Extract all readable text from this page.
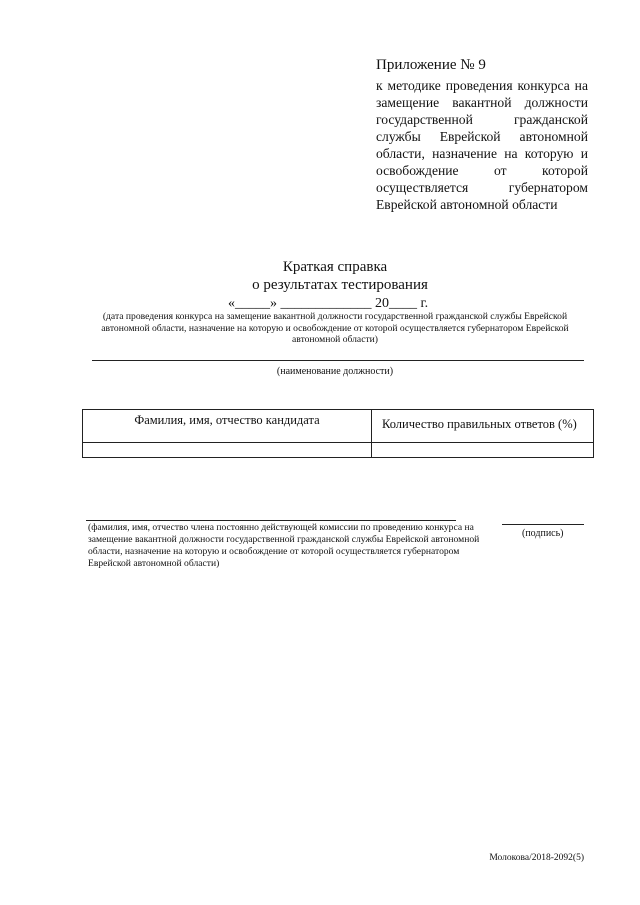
Приложение № 9

к методике проведения конкурса на замещение вакантной должности государственной гражданской службы Еврейской автономной области, назначение на которую и освобождение от которой осуществляется губернатором Еврейской автономной области

Краткая справка
о результатах тестирования
«_____» _____________ 20____ г.
(дата проведения конкурса на замещение вакантной должности государственной гражданской службы Еврейской автономной области, назначение на которую и освобождение от которой осуществляется губернатором Еврейской автономной области)
(наименование должности)
Фамилия, имя, отчество кандидата	Количество правильных ответов (%)

(фамилия, имя, отчество члена постоянно действующей комиссии по проведению конкурса на замещение вакантной должности государственной гражданской службы Еврейской автономной области, назначение на которую и освобождение от которой осуществляется губернатором Еврейской автономной области)
(подпись)
Молокова/2018-2092(5)
